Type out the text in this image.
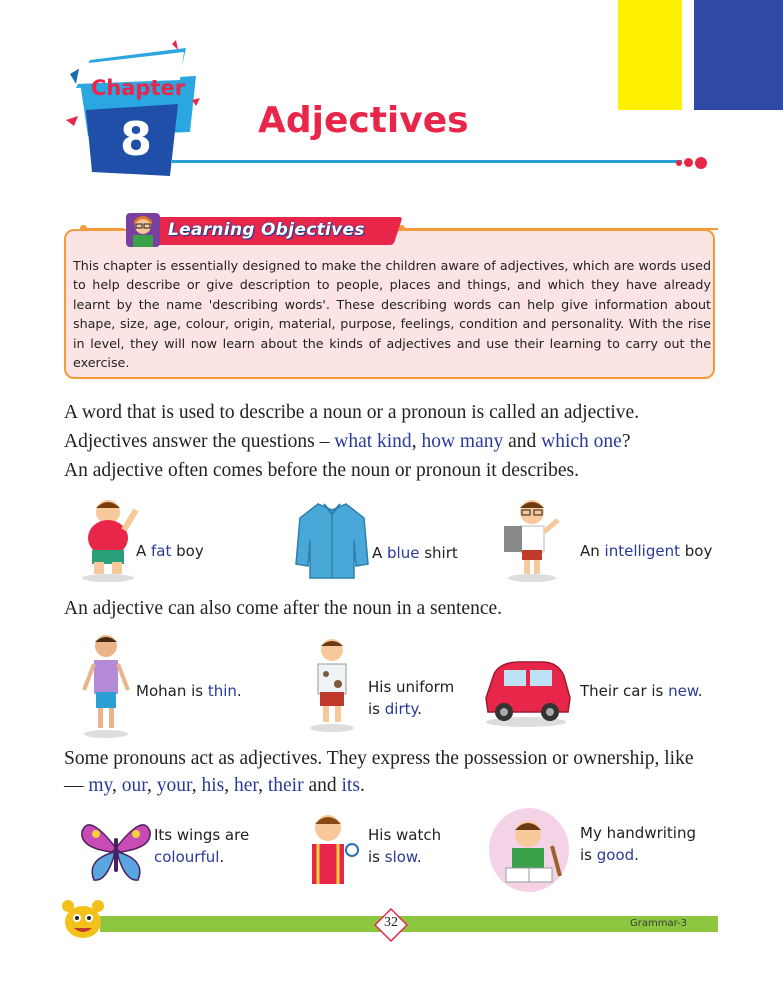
Chapter
8	Adjectives
Learning Objectives
This chapter is essentially designed to make the children aware of adjectives, which are words used to help describe or give description to people, places and things, and which they have already learnt by the name 'describing words'. These describing words can help give information about shape, size, age, colour, origin, material, purpose, feelings, condition and personality. With the rise in level, they will now learn about the kinds of adjectives and use their learning to carry out the exercise.
A word that is used to describe a noun or a pronoun is called an adjective.
Adjectives answer the questions – what kind, how many and which one?
An adjective often comes before the noun or pronoun it describes.
A fat boy	A blue shirt	An intelligent boy
An adjective can also come after the noun in a sentence.
Mohan is thin.	His uniform
is dirty.
Their car is new.
Some pronouns act as adjectives. They express the possession or ownership, like
— my, our, your, his, her, their and its.
Its wings are
colourful.
His watch
is slow.
My handwriting
is good.
32	Grammar-3
